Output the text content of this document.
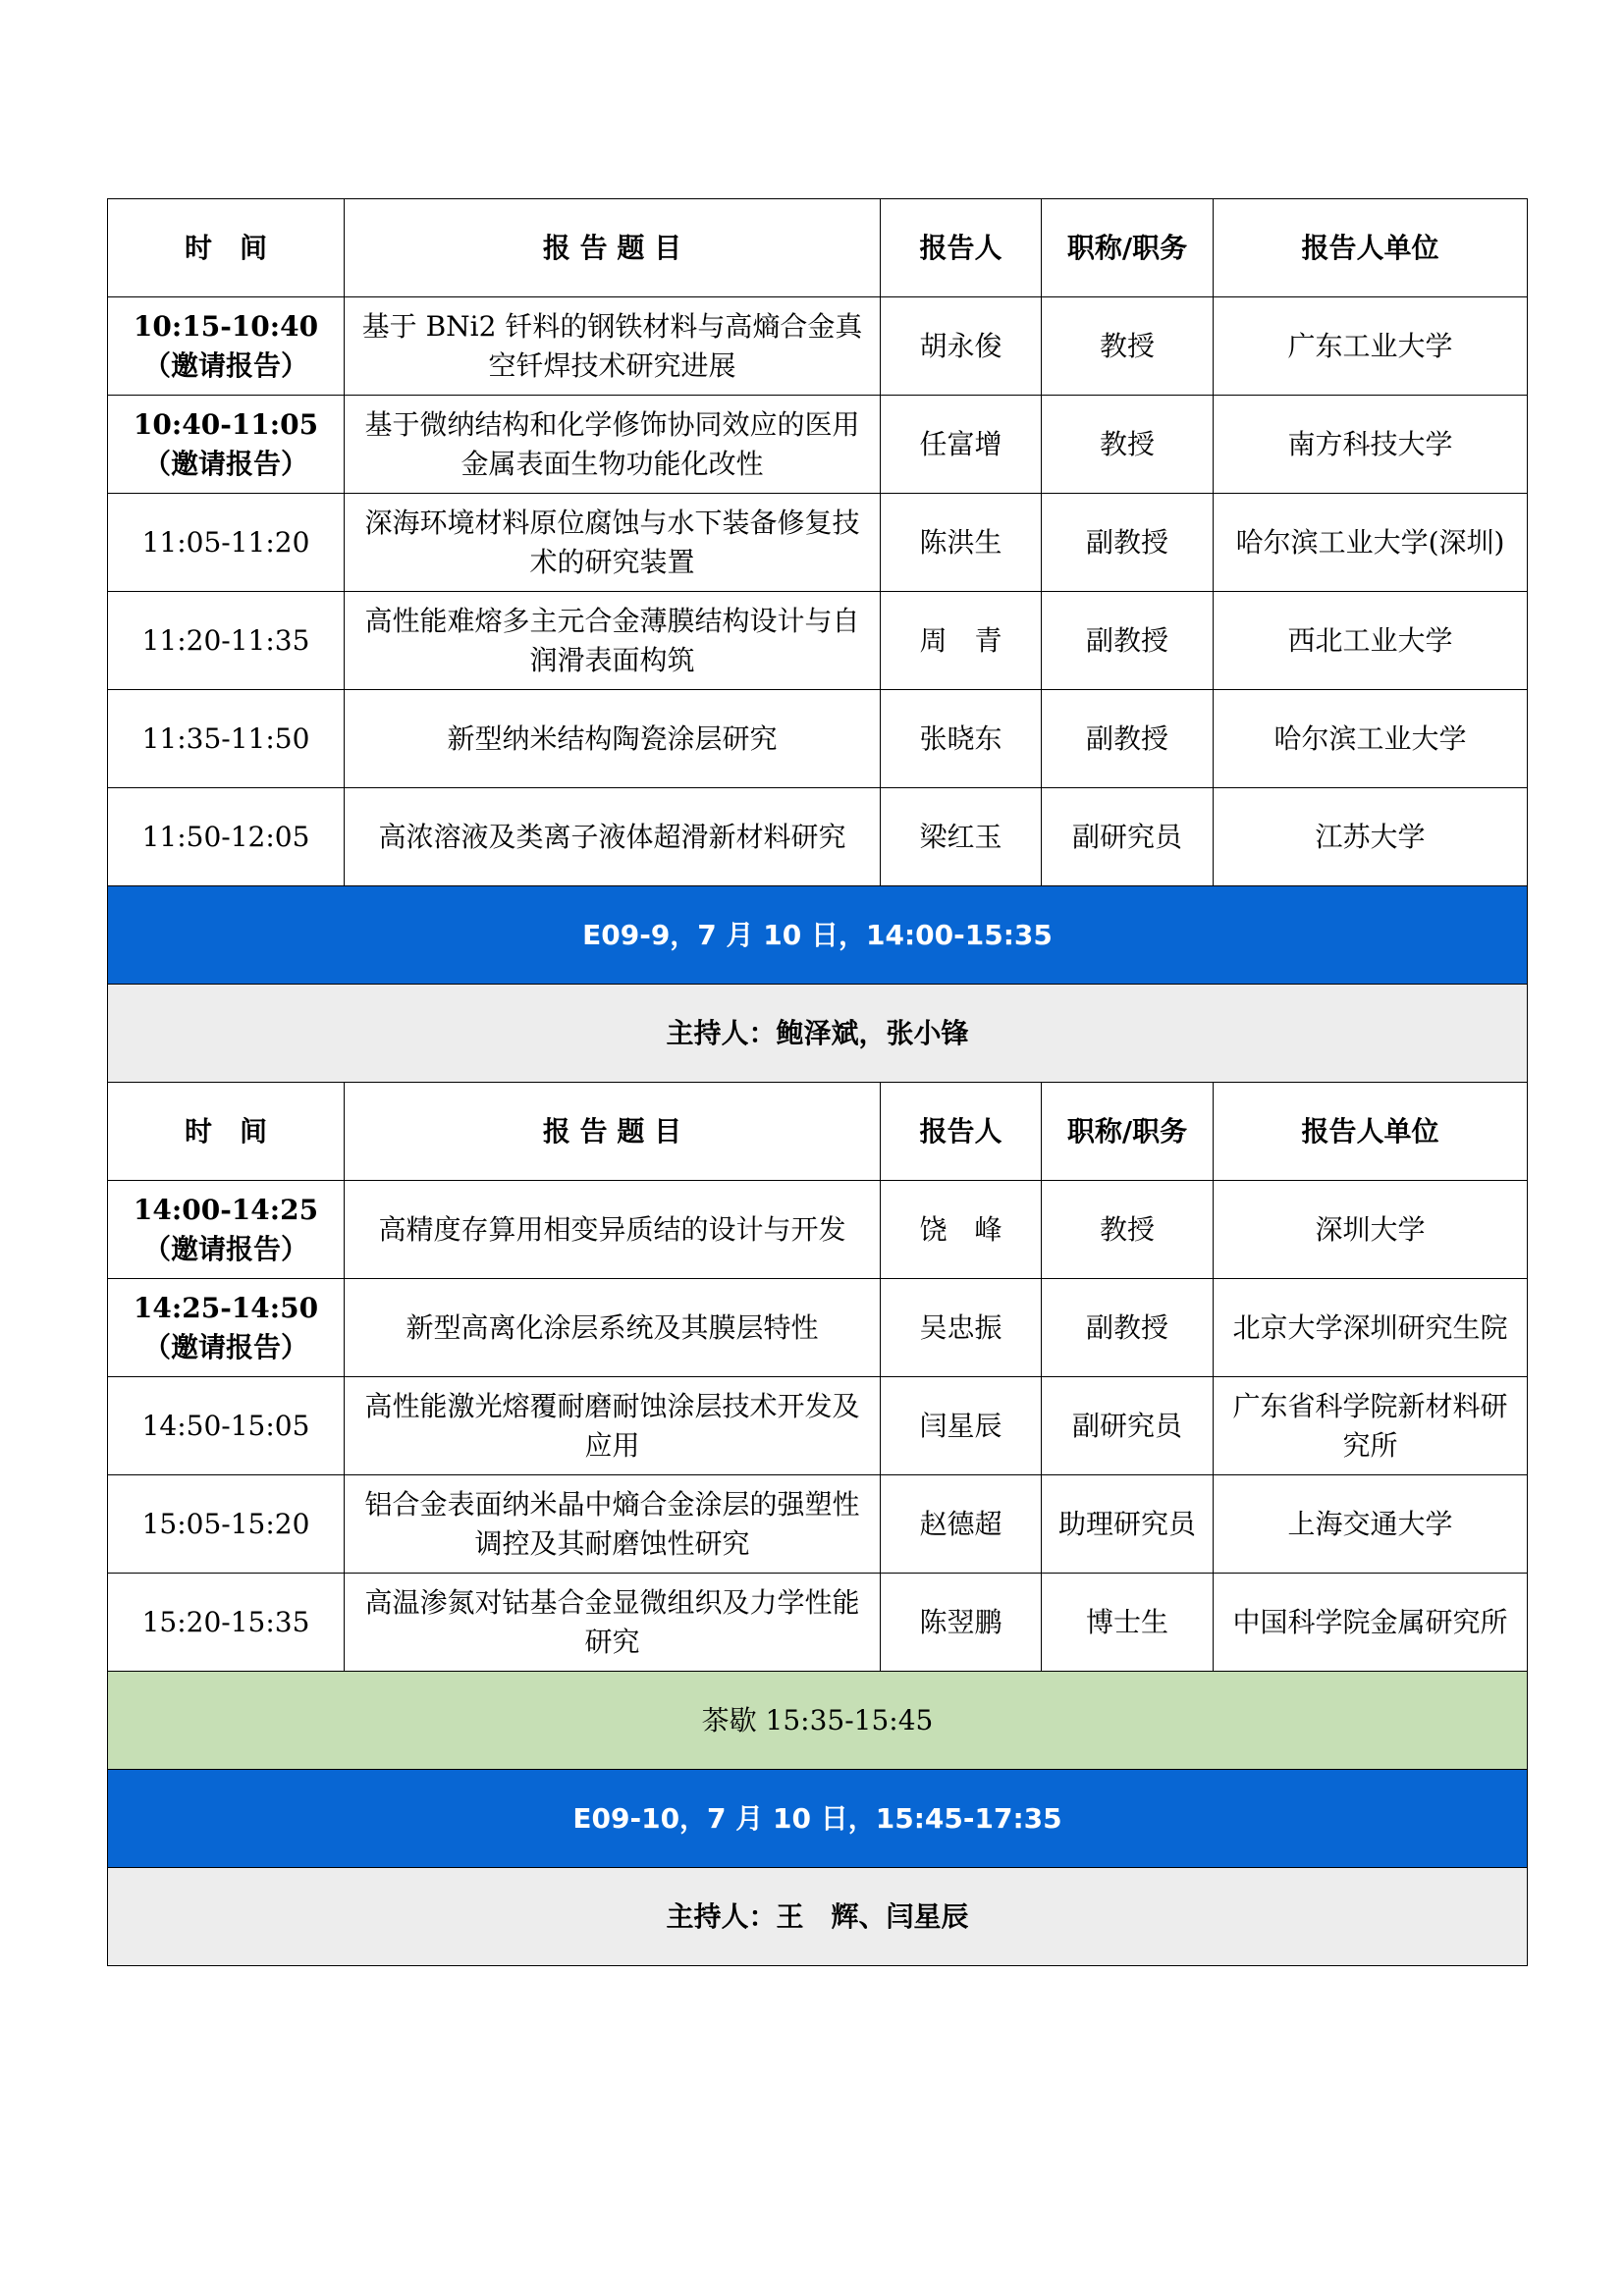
时　间	报 告 题 目	报告人	职称/职务	报告人单位

10:15-10:40
（邀请报告）	基于 BNi2 钎料的钢铁材料与高熵合金真空钎焊技术研究进展	胡永俊	教授	广东工业大学

10:40-11:05
（邀请报告）	基于微纳结构和化学修饰协同效应的医用金属表面生物功能化改性	任富增	教授	南方科技大学

11:05-11:20	深海环境材料原位腐蚀与水下装备修复技术的研究装置	陈洪生	副教授	哈尔滨工业大学(深圳)

11:20-11:35	高性能难熔多主元合金薄膜结构设计与自润滑表面构筑	周　青	副教授	西北工业大学

11:35-11:50	新型纳米结构陶瓷涂层研究	张晓东	副教授	哈尔滨工业大学

11:50-12:05	高浓溶液及类离子液体超滑新材料研究	梁红玉	副研究员	江苏大学
E09-9，7 月 10 日，14:00-15:35				
主持人：鲍泽斌，张小锋				
时　间	报 告 题 目	报告人	职称/职务	报告人单位

14:00-14:25
（邀请报告）	高精度存算用相变异质结的设计与开发	饶　峰	教授	深圳大学

14:25-14:50
（邀请报告）	新型高离化涂层系统及其膜层特性	吴忠振	副教授	北京大学深圳研究生院

14:50-15:05	高性能激光熔覆耐磨耐蚀涂层技术开发及应用	闫星辰	副研究员	广东省科学院新材料研究所

15:05-15:20	铝合金表面纳米晶中熵合金涂层的强塑性调控及其耐磨蚀性研究	赵德超	助理研究员	上海交通大学

15:20-15:35	高温渗氮对钴基合金显微组织及力学性能研究	陈翌鹏	博士生	中国科学院金属研究所
茶歇 15:35-15:45				
E09-10，7 月 10 日，15:45-17:35				
主持人：王　辉、闫星辰				
